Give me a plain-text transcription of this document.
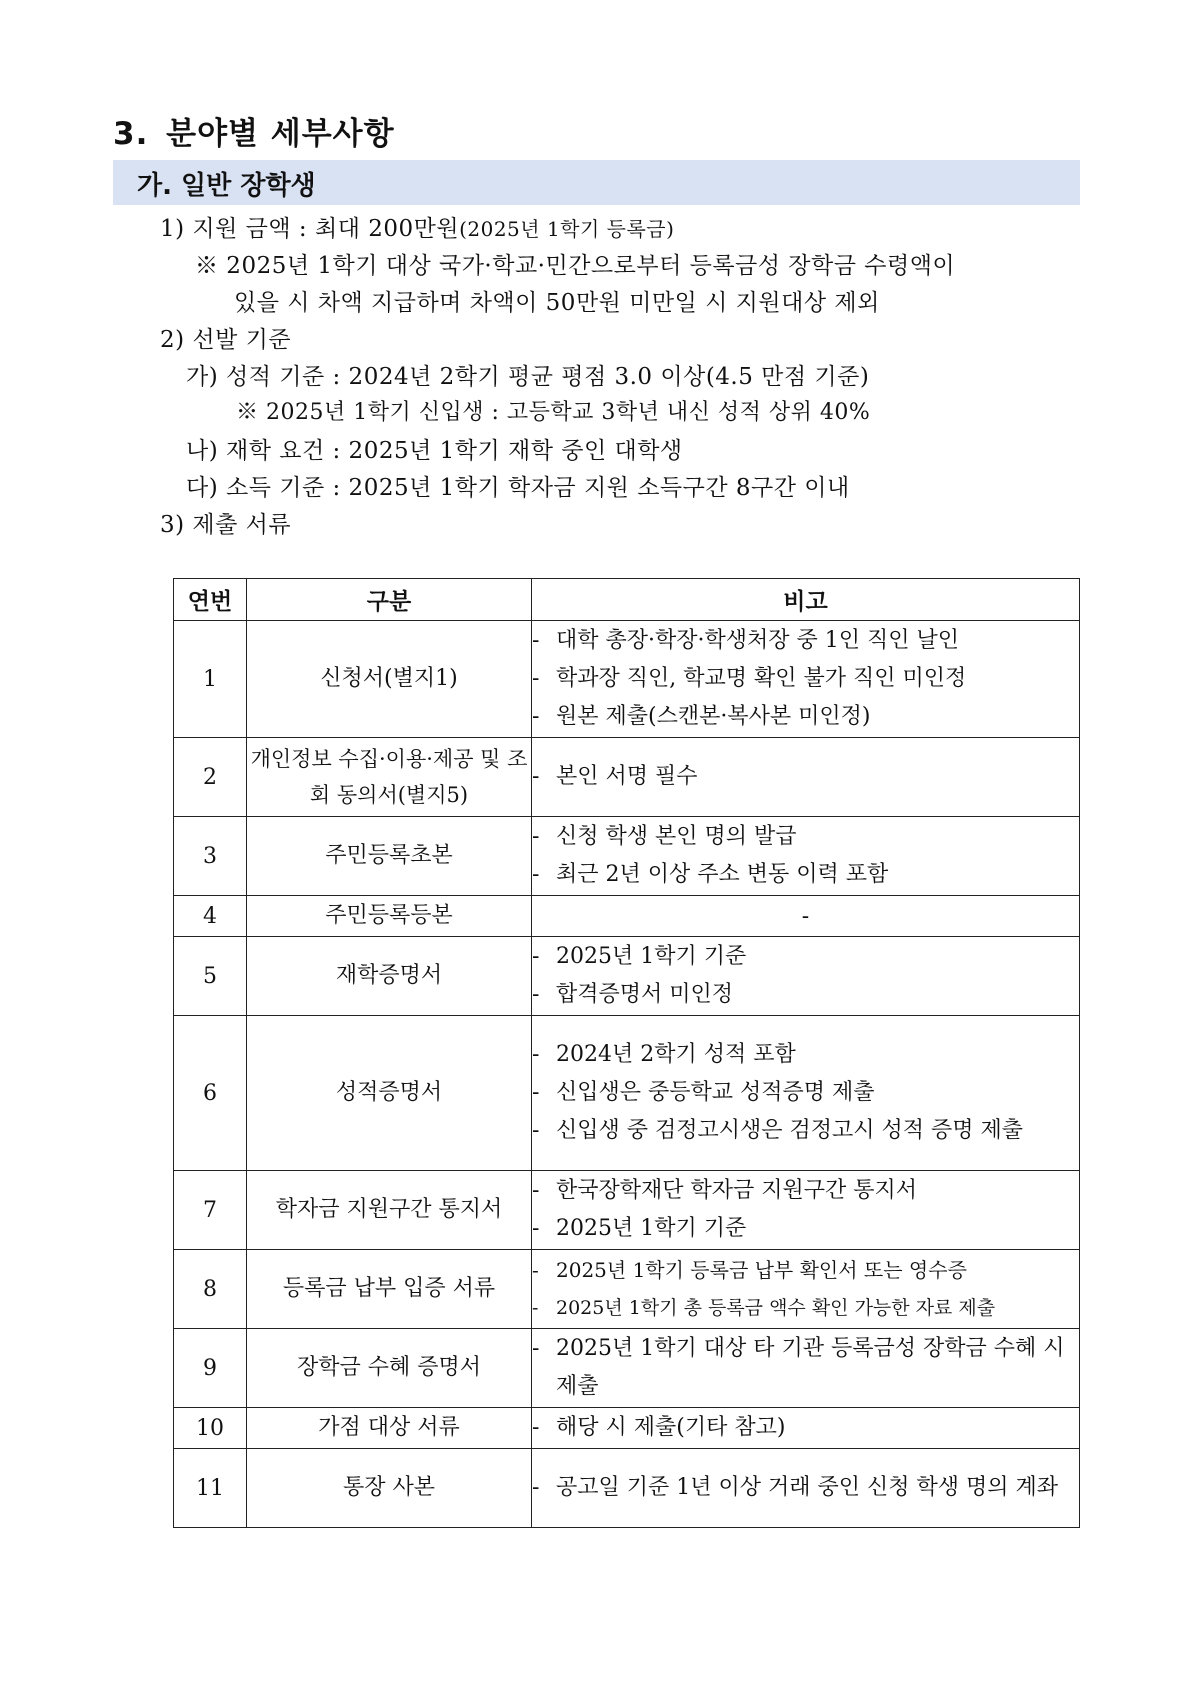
3. 분야별 세부사항
가. 일반 장학생
1) 지원 금액 : 최대 200만원(2025년 1학기 등록금)
※ 2025년 1학기 대상 국가·학교·민간으로부터 등록금성 장학금 수령액이
있을 시 차액 지급하며 차액이 50만원 미만일 시 지원대상 제외
2) 선발 기준
가) 성적 기준 : 2024년 2학기 평균 평점 3.0 이상(4.5 만점 기준)
※ 2025년 1학기 신입생 : 고등학교 3학년 내신 성적 상위 40%
나) 재학 요건 : 2025년 1학기 재학 중인 대학생
다) 소득 기준 : 2025년 1학기 학자금 지원 소득구간 8구간 이내
3) 제출 서류
연번	구분	비고
1	신청서(별지1)	- 대학 총장·학장·학생처장 중 1인 직인 날인
- 학과장 직인, 학교명 확인 불가 직인 미인정
- 원본 제출(스캔본·복사본 미인정)

2	개인정보 수집·이용·제공 및 조회 동의서(별지5)	- 본인 서명 필수

3	주민등록초본	- 신청 학생 본인 명의 발급
- 최근 2년 이상 주소 변동 이력 포함

4	주민등록등본	-
5	재학증명서	- 2025년 1학기 기준
- 합격증명서 미인정

6	성적증명서	- 2024년 2학기 성적 포함
- 신입생은 중등학교 성적증명 제출
- 신입생 중 검정고시생은 검정고시 성적 증명 제출

7	학자금 지원구간 통지서	- 한국장학재단 학자금 지원구간 통지서
- 2025년 1학기 기준

8	등록금 납부 입증 서류	- 2025년 1학기 등록금 납부 확인서 또는 영수증
- 2025년 1학기 총 등록금 액수 확인 가능한 자료 제출

9	장학금 수혜 증명서	- 2025년 1학기 대상 타 기관 등록금성 장학금 수혜 시 제출

10	가점 대상 서류	- 해당 시 제출(기타 참고)

11	통장 사본	- 공고일 기준 1년 이상 거래 중인 신청 학생 명의 계좌
